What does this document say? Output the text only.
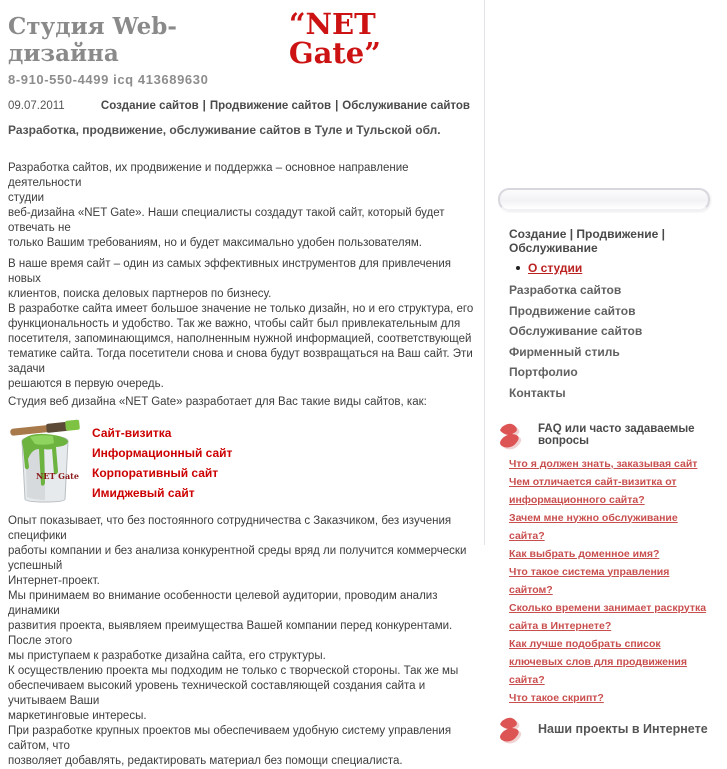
Студия Web-дизайна
“NET Gate”
8-910-550-4499 icq 413689630
09.07.2011	Создание сайтов | Продвижение сайтов | Обслуживание сайтов
Разработка, продвижение, обслуживание сайтов в Туле и Тульской обл.

Разработка сайтов, их продвижение и поддержка – основное направление деятельности
студии
веб-дизайна «NET Gate». Наши специалисты создадут такой сайт, который будет отвечать не
только Вашим требованиям, но и будет максимально удобен пользователям.

В наше время сайт – один из самых эффективных инструментов для привлечения новых
клиентов, поиска деловых партнеров по бизнесу.
В разработке сайта имеет большое значение не только дизайн, но и его структура, его
функциональность и удобство. Так же важно, чтобы сайт был привлекательным для
посетителя, запоминающимся, наполненным нужной информацией, соответствующей
тематике сайта. Тогда посетители снова и снова будут возвращаться на Ваш сайт. Эти задачи
решаются в первую очередь.

Студия веб дизайна «NET Gate» разработает для Вас такие виды сайтов, как:

NET Gate
Сайт-визитка
Информационный сайт
Корпоративный сайт
Имиджевый сайт

Опыт показывает, что без постоянного сотрудничества с Заказчиком, без изучения специфики
работы компании и без анализа конкурентной среды вряд ли получится коммерчески успешный
Интернет-проект.
Мы принимаем во внимание особенности целевой аудитории, проводим анализ динамики
развития проекта, выявляем преимущества Вашей компании перед конкурентами. После этого
мы приступаем к разработке дизайна сайта, его структуры.
К осуществлению проекта мы подходим не только с творческой стороны. Так же мы
обеспечиваем высокий уровень технической составляющей создания сайта и учитываем Ваши
маркетинговые интересы.
При разработке крупных проектов мы обеспечиваем удобную систему управления сайтом, что
позволяет добавлять, редактировать материал без помощи специалиста.

Создание | Продвижение | Обслуживание
О студии
Разработка сайтов
Продвижение сайтов
Обслуживание сайтов
Фирменный стиль
Портфолио
Контакты
FAQ или часто задаваемые вопросы
Что я должен знать, заказывая сайт
Чем отличается сайт-визитка от информационного сайта?
Зачем мне нужно обслуживание сайта?
Как выбрать доменное имя?
Что такое система управления сайтом?
Сколько времени занимает раскрутка сайта в Интернете?
Как лучше подобрать список ключевых слов для продвижения сайта?
Что такое скрипт?
Наши проекты в Интернете
